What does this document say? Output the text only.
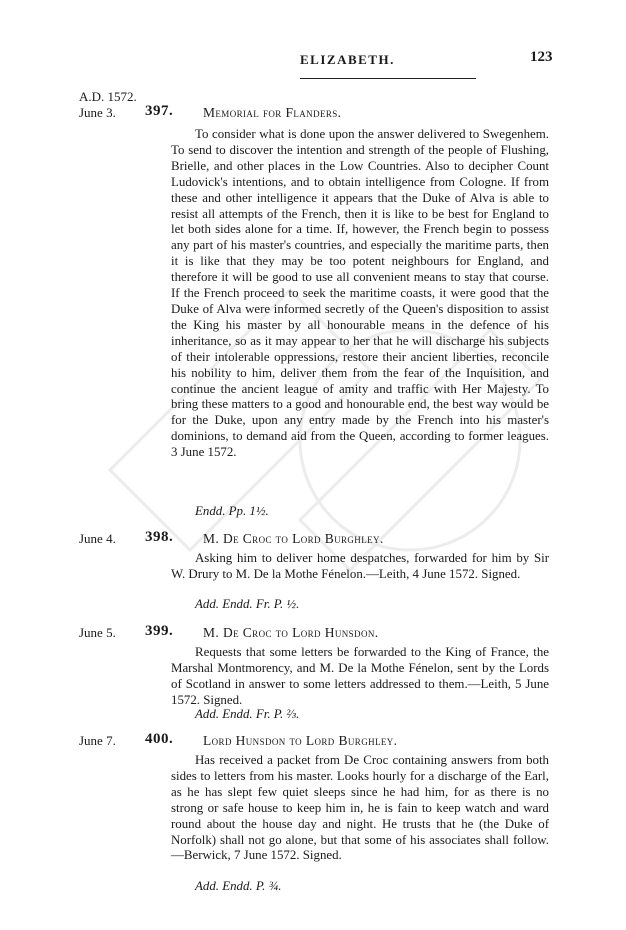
ELIZABETH.	123
A.D. 1572.
June 3. 397. Memorial for Flanders.

To consider what is done upon the answer delivered to Swegenhem. To send to discover the intention and strength of the people of Flushing, Brielle, and other places in the Low Countries. Also to decipher Count Ludovick's intentions, and to obtain intelligence from Cologne. If from these and other intelligence it appears that the Duke of Alva is able to resist all attempts of the French, then it is like to be best for England to let both sides alone for a time. If, however, the French begin to possess any part of his master's countries, and especially the maritime parts, then it is like that they may be too potent neighbours for England, and therefore it will be good to use all convenient means to stay that course. If the French proceed to seek the maritime coasts, it were good that the Duke of Alva were informed secretly of the Queen's disposition to assist the King his master by all honourable means in the defence of his inheritance, so as it may appear to her that he will discharge his subjects of their intolerable oppressions, restore their ancient liberties, reconcile his nobility to him, deliver them from the fear of the Inquisition, and continue the ancient league of amity and traffic with Her Majesty. To bring these matters to a good and honourable end, the best way would be for the Duke, upon any entry made by the French into his master's dominions, to demand aid from the Queen, according to former leagues. 3 June 1572.

Endd. Pp. 1½.
June 4. 398. M. De Croc to Lord Burghley.

Asking him to deliver home despatches, forwarded for him by Sir W. Drury to M. De la Mothe Fénelon.—Leith, 4 June 1572. Signed.

Add. Endd. Fr. P. ½.
June 5. 399. M. De Croc to Lord Hunsdon.

Requests that some letters be forwarded to the King of France, the Marshal Montmorency, and M. De la Mothe Fénelon, sent by the Lords of Scotland in answer to some letters addressed to them.—Leith, 5 June 1572. Signed.

Add. Endd. Fr. P. ⅔.
June 7. 400. Lord Hunsdon to Lord Burghley.

Has received a packet from De Croc containing answers from both sides to letters from his master. Looks hourly for a discharge of the Earl, as he has slept few quiet sleeps since he had him, for as there is no strong or safe house to keep him in, he is fain to keep watch and ward round about the house day and night. He trusts that he (the Duke of Norfolk) shall not go alone, but that some of his associates shall follow.—Berwick, 7 June 1572. Signed.

Add. Endd. P. ¾.
